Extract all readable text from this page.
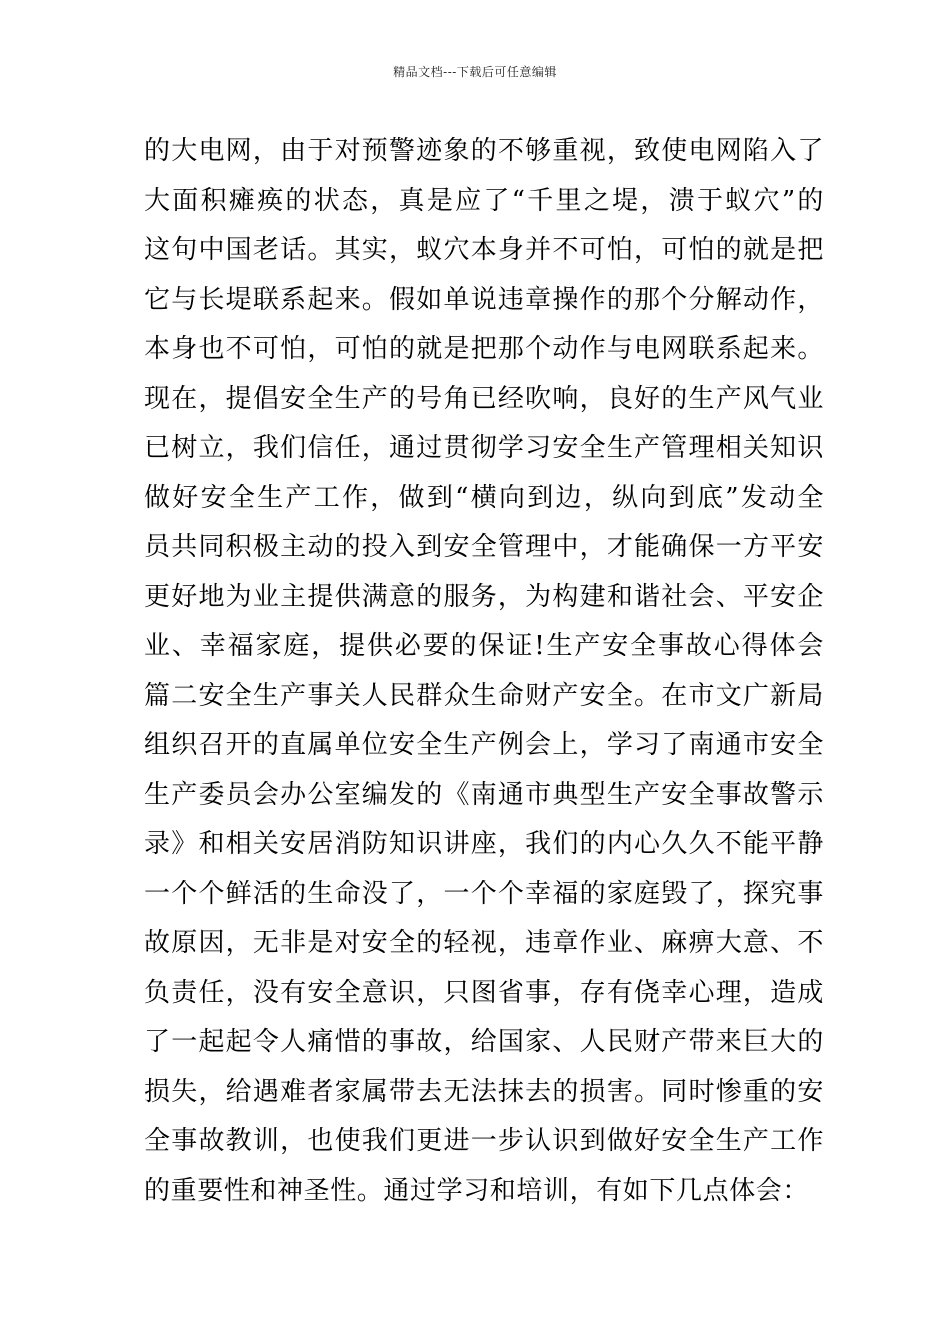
精品文档---下载后可任意编辑
的大电网，由于对预警迹象的不够重视，致使电网陷入了
大面积瘫痪的状态，真是应了“千里之堤，溃于蚁穴”的
这句中国老话。其实，蚁穴本身并不可怕，可怕的就是把
它与长堤联系起来。假如单说违章操作的那个分解动作，
本身也不可怕，可怕的就是把那个动作与电网联系起来。
现在，提倡安全生产的号角已经吹响，良好的生产风气业
已树立，我们信任，通过贯彻学习安全生产管理相关知识
做好安全生产工作，做到“横向到边，纵向到底”发动全
员共同积极主动的投入到安全管理中，才能确保一方平安
更好地为业主提供满意的服务，为构建和谐社会、平安企
业、幸福家庭，提供必要的保证!生产安全事故心得体会
篇二安全生产事关人民群众生命财产安全。在市文广新局
组织召开的直属单位安全生产例会上，学习了南通市安全
生产委员会办公室编发的《南通市典型生产安全事故警示
录》和相关安居消防知识讲座，我们的内心久久不能平静
一个个鲜活的生命没了，一个个幸福的家庭毁了，探究事
故原因，无非是对安全的轻视，违章作业、麻痹大意、不
负责任，没有安全意识，只图省事，存有侥幸心理，造成
了一起起令人痛惜的事故，给国家、人民财产带来巨大的
损失，给遇难者家属带去无法抹去的损害。同时惨重的安
全事故教训，也使我们更进一步认识到做好安全生产工作
的重要性和神圣性。通过学习和培训，有如下几点体会：
